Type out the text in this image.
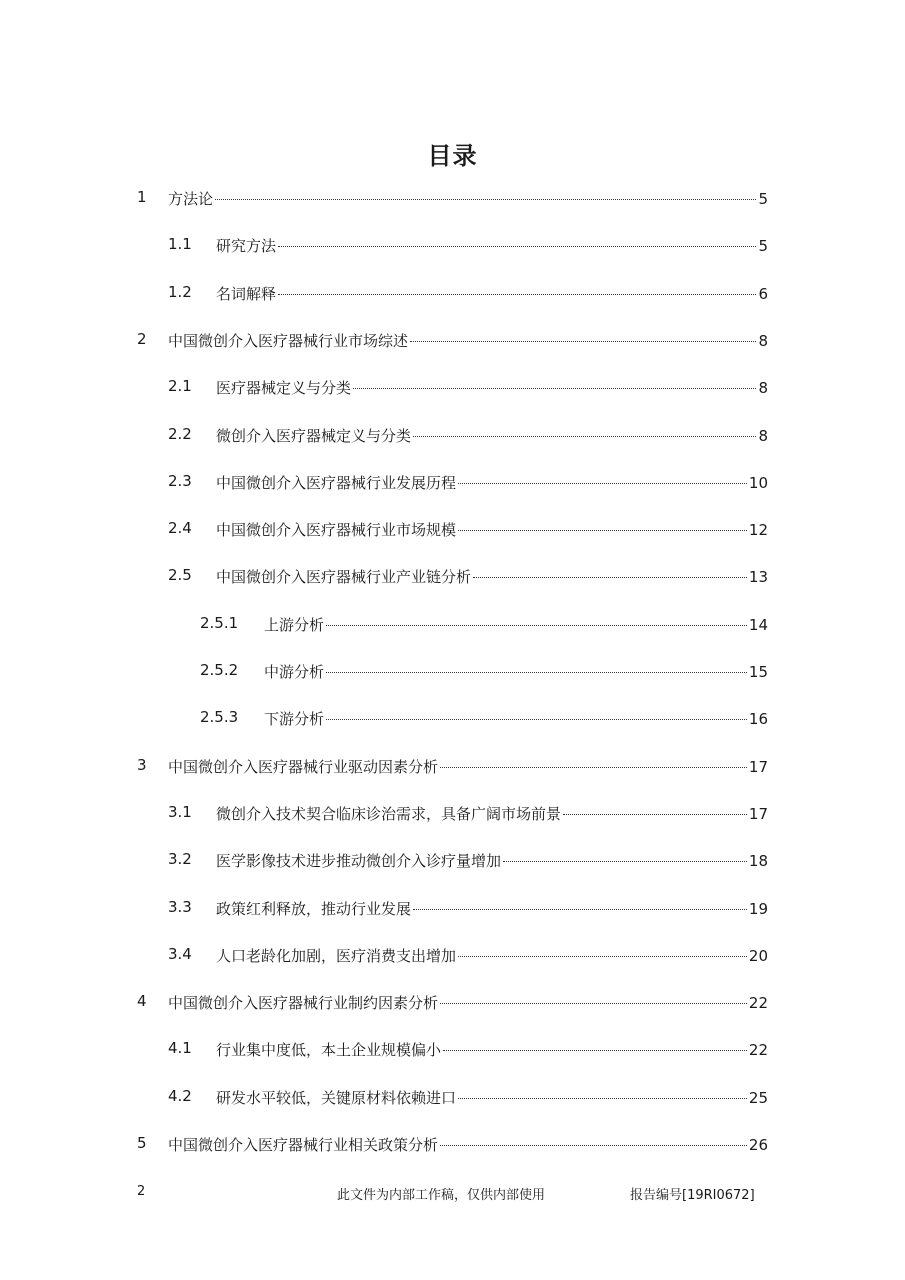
目录
1 方法论	5
1.1 研究方法	5
1.2 名词解释	6
2 中国微创介入医疗器械行业市场综述	8
2.1 医疗器械定义与分类	8
2.2 微创介入医疗器械定义与分类	8
2.3 中国微创介入医疗器械行业发展历程	10
2.4 中国微创介入医疗器械行业市场规模	12
2.5 中国微创介入医疗器械行业产业链分析	13
2.5.1 上游分析	14
2.5.2 中游分析	15
2.5.3 下游分析	16
3 中国微创介入医疗器械行业驱动因素分析	17
3.1 微创介入技术契合临床诊治需求，具备广阔市场前景	17
3.2 医学影像技术进步推动微创介入诊疗量增加	18
3.3 政策红利释放，推动行业发展	19
3.4 人口老龄化加剧，医疗消费支出增加	20
4 中国微创介入医疗器械行业制约因素分析	22
4.1 行业集中度低，本土企业规模偏小	22
4.2 研发水平较低，关键原材料依赖进口	25
5 中国微创介入医疗器械行业相关政策分析	26
2	此文件为内部工作稿，仅供内部使用	报告编号[19RI0672]
